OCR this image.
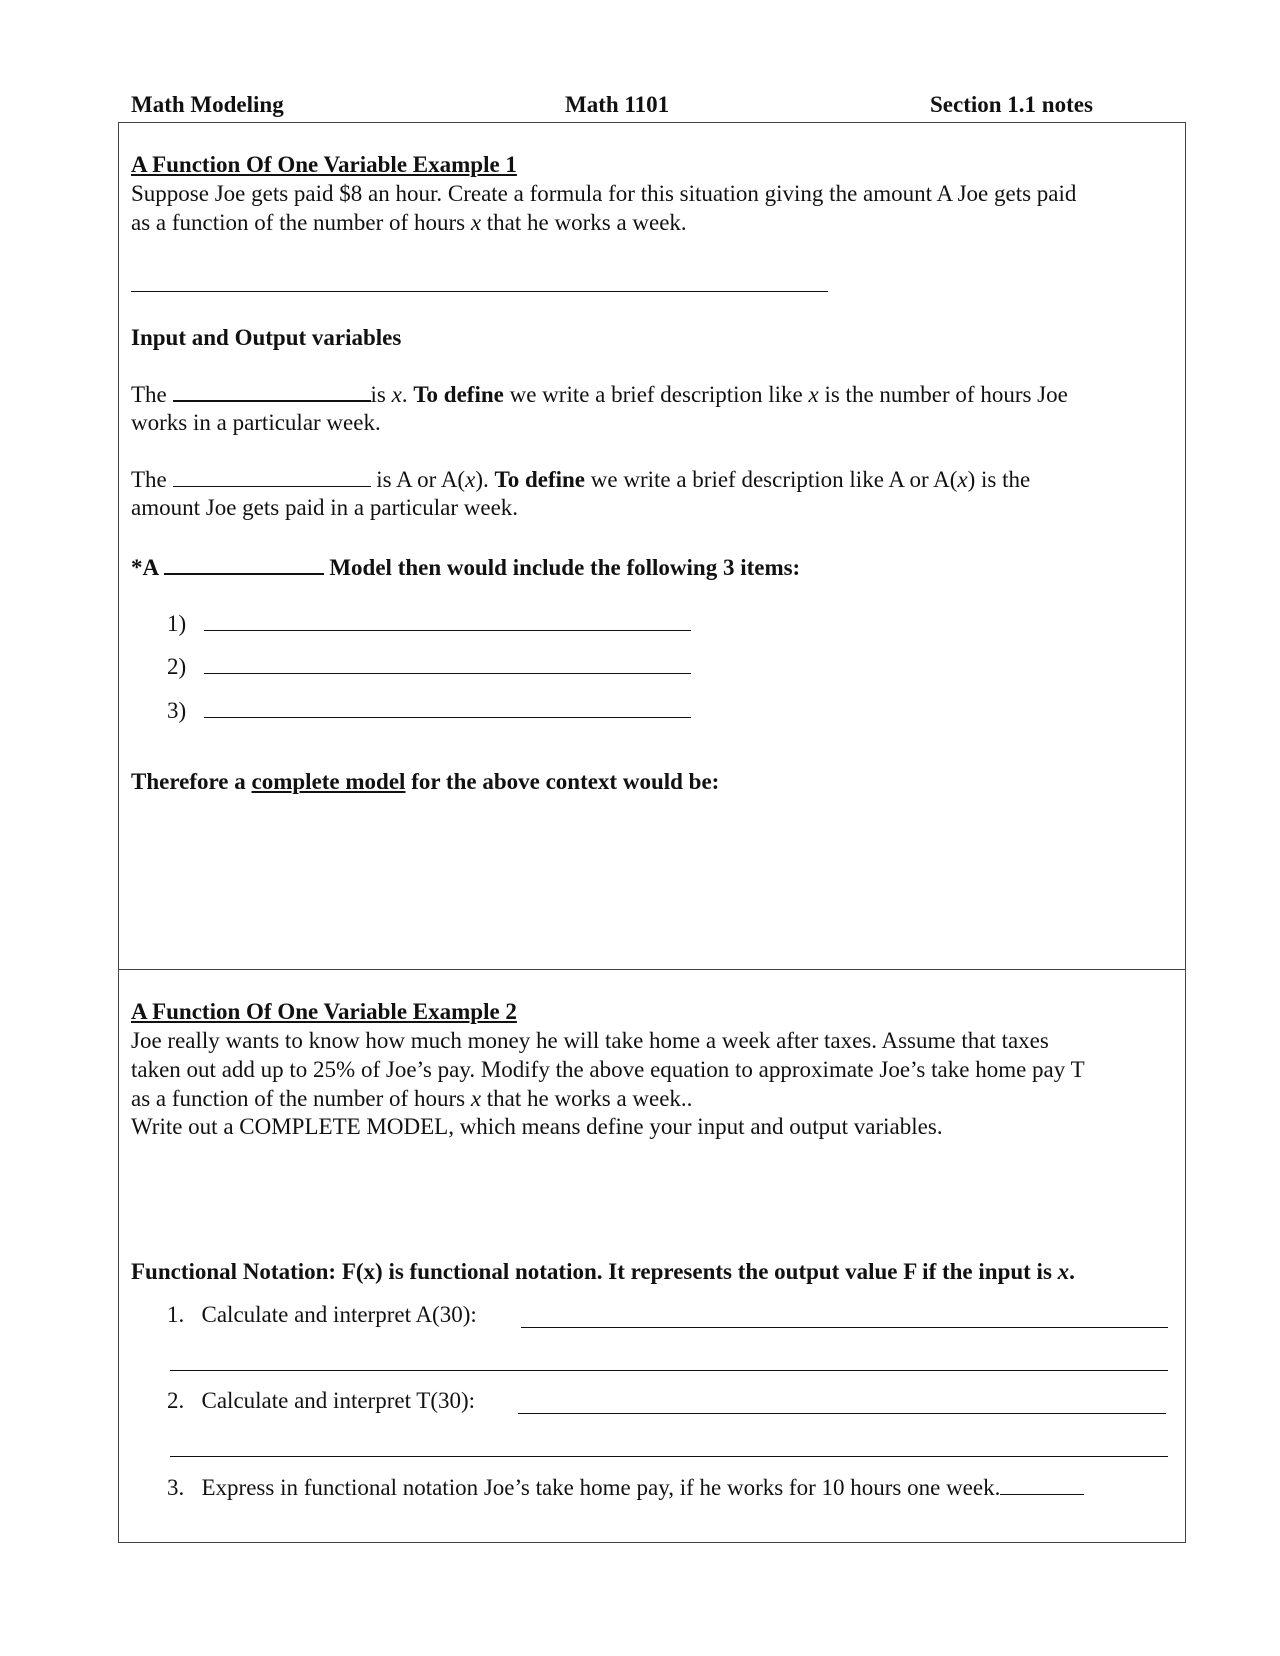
Math Modeling	Math 1101	Section 1.1 notes
A Function Of One Variable Example 1
Suppose Joe gets paid $8 an hour. Create a formula for this situation giving the amount A Joe gets paid
as a function of the number of hours x that he works a week.
Input and Output variables
The	is x. To define we write a brief description like x is the number of hours Joe
works in a particular week.
The	is A or A(x). To define we write a brief description like A or A(x) is the
amount Joe gets paid in a particular week.
*A	Model then would include the following 3 items:
1)
2)
3)
Therefore a complete model for the above context would be:
A Function Of One Variable Example 2
Joe really wants to know how much money he will take home a week after taxes. Assume that taxes
taken out add up to 25% of Joe’s pay. Modify the above equation to approximate Joe’s take home pay T
as a function of the number of hours x that he works a week..
Write out a COMPLETE MODEL, which means define your input and output variables.
Functional Notation: F(x) is functional notation. It represents the output value F if the input is x.
1. Calculate and interpret A(30):
2. Calculate and interpret T(30):
3. Express in functional notation Joe’s take home pay, if he works for 10 hours one week.
